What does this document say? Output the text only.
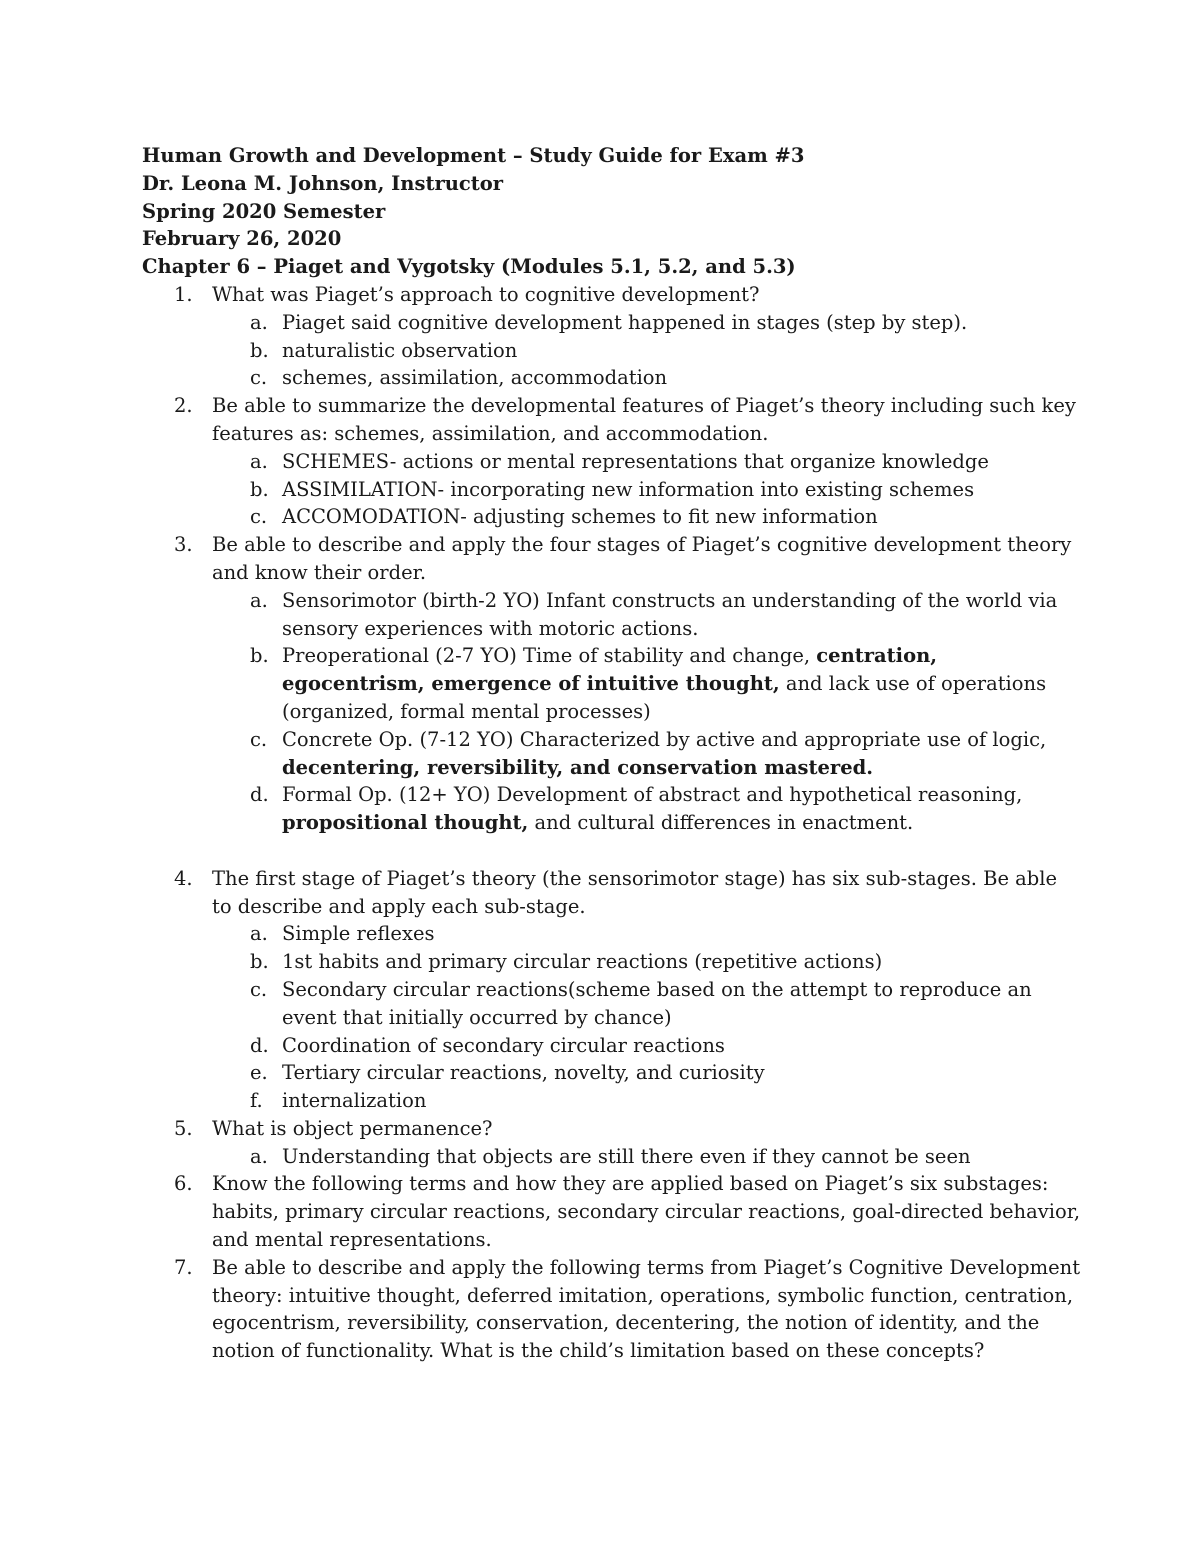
Human Growth and Development – Study Guide for Exam #3
Dr. Leona M. Johnson, Instructor
Spring 2020 Semester
February 26, 2020
Chapter 6 – Piaget and Vygotsky (Modules 5.1, 5.2, and 5.3)
1. What was Piaget’s approach to cognitive development?
a. Piaget said cognitive development happened in stages (step by step).
b. naturalistic observation
c. schemes, assimilation, accommodation
2. Be able to summarize the developmental features of Piaget’s theory including such key features as: schemes, assimilation, and accommodation.
a. SCHEMES- actions or mental representations that organize knowledge
b. ASSIMILATION- incorporating new information into existing schemes
c. ACCOMODATION- adjusting schemes to fit new information
3. Be able to describe and apply the four stages of Piaget’s cognitive development theory and know their order.
a. Sensorimotor (birth-2 YO) Infant constructs an understanding of the world via sensory experiences with motoric actions.
b. Preoperational (2-7 YO) Time of stability and change, centration, egocentrism, emergence of intuitive thought, and lack use of operations (organized, formal mental processes)
c. Concrete Op. (7-12 YO) Characterized by active and appropriate use of logic, decentering, reversibility, and conservation mastered.
d. Formal Op. (12+ YO) Development of abstract and hypothetical reasoning, propositional thought, and cultural differences in enactment.
4. The first stage of Piaget’s theory (the sensorimotor stage) has six sub-stages. Be able to describe and apply each sub-stage.
a. Simple reflexes
b. 1st habits and primary circular reactions (repetitive actions)
c. Secondary circular reactions(scheme based on the attempt to reproduce an event that initially occurred by chance)
d. Coordination of secondary circular reactions
e. Tertiary circular reactions, novelty, and curiosity
f. internalization
5. What is object permanence?
a. Understanding that objects are still there even if they cannot be seen
6. Know the following terms and how they are applied based on Piaget’s six substages: habits, primary circular reactions, secondary circular reactions, goal-directed behavior, and mental representations.
7. Be able to describe and apply the following terms from Piaget’s Cognitive Development theory: intuitive thought, deferred imitation, operations, symbolic function, centration, egocentrism, reversibility, conservation, decentering, the notion of identity, and the notion of functionality. What is the child’s limitation based on these concepts?
